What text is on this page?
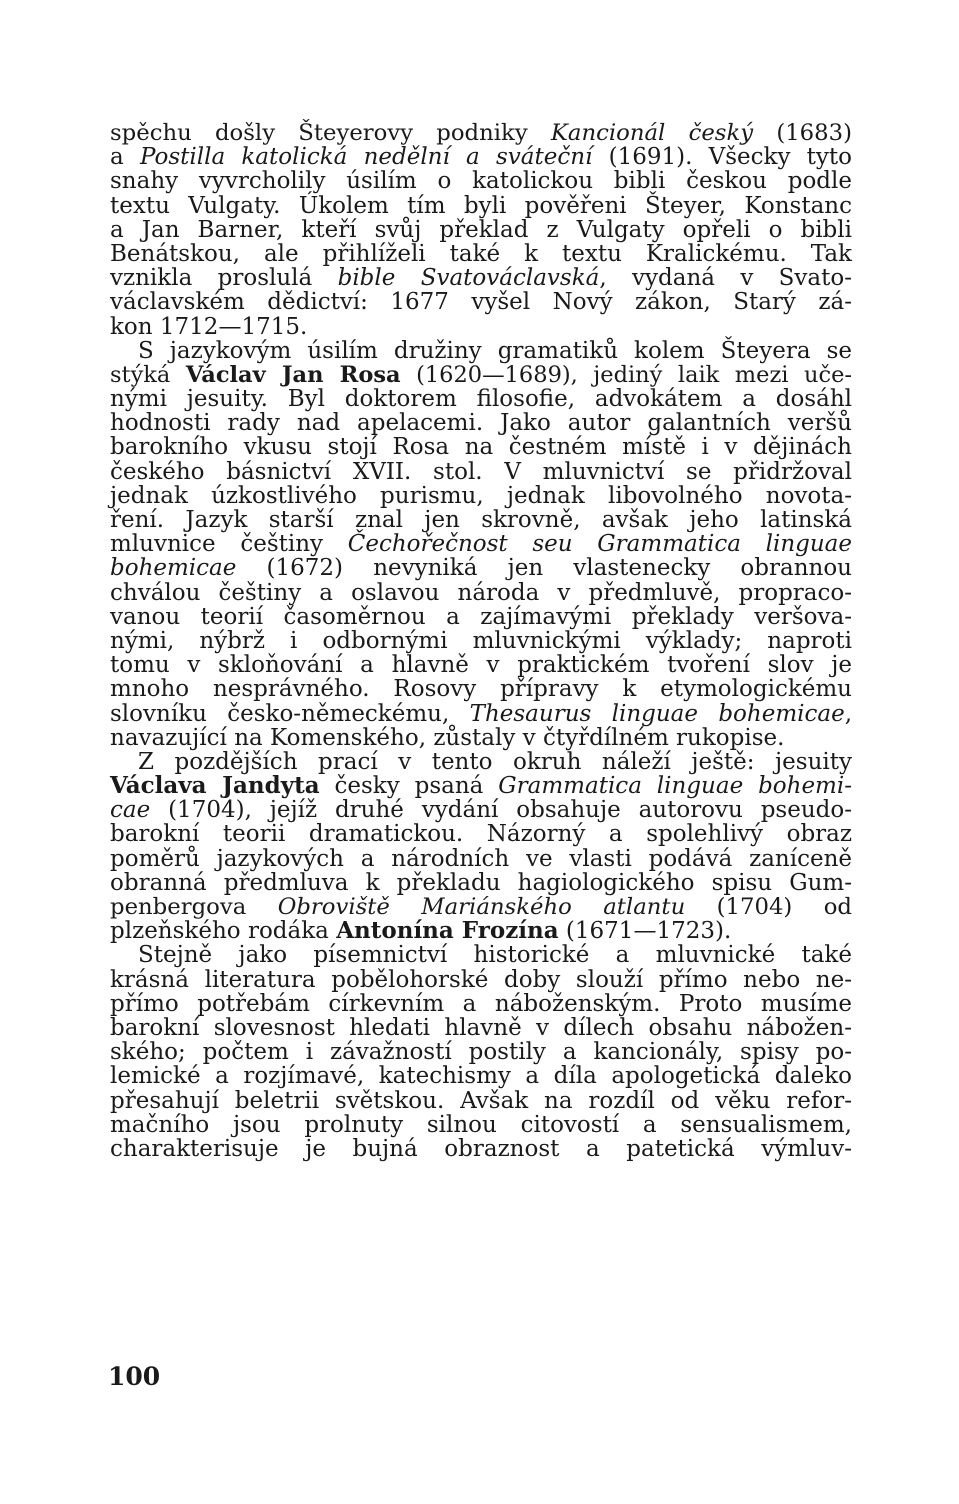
spěchu došly Šteyerovy podniky Kancionál český (1683)
a Postilla katolická nedělní a sváteční (1691). Všecky tyto
snahy vyvrcholily úsilím o katolickou bibli českou podle
textu Vulgaty. Úkolem tím byli pověřeni Šteyer, Konstanc
a Jan Barner, kteří svůj překlad z Vulgaty opřeli o bibli
Benátskou, ale přihlíželi také k textu Kralickému. Tak
vznikla proslulá bible Svatováclavská, vydaná v Svato-
václavském dědictví: 1677 vyšel Nový zákon, Starý zá-
kon 1712—1715.
S jazykovým úsilím družiny gramatiků kolem Šteyera se
stýká Václav Jan Rosa (1620—1689), jediný laik mezi uče-
nými jesuity. Byl doktorem filosofie, advokátem a dosáhl
hodnosti rady nad apelacemi. Jako autor galantních veršů
barokního vkusu stojí Rosa na čestném místě i v dějinách
českého básnictví XVII. stol. V mluvnictví se přidržoval
jednak úzkostlivého purismu, jednak libovolného novota-
ření. Jazyk starší znal jen skrovně, avšak jeho latinská
mluvnice češtiny Čechořečnost seu Grammatica linguae
bohemicae (1672) nevyniká jen vlastenecky obrannou
chválou češtiny a oslavou národa v předmluvě, propraco-
vanou teorií časoměrnou a zajímavými překlady veršova-
nými, nýbrž i odbornými mluvnickými výklady; naproti
tomu v skloňování a hlavně v praktickém tvoření slov je
mnoho nesprávného. Rosovy přípravy k etymologickému
slovníku česko-německému, Thesaurus linguae bohemicae,
navazující na Komenského, zůstaly v čtyřdílném rukopise.
Z pozdějších prací v tento okruh náleží ještě: jesuity
Václava Jandyta česky psaná Grammatica linguae bohemi-
cae (1704), jejíž druhé vydání obsahuje autorovu pseudo-
barokní teorii dramatickou. Názorný a spolehlivý obraz
poměrů jazykových a národních ve vlasti podává zaníceně
obranná předmluva k překladu hagiologického spisu Gum-
penbergova Obroviště Mariánského atlantu (1704) od
plzeňského rodáka Antonína Frozína (1671—1723).
Stejně jako písemnictví historické a mluvnické také
krásná literatura pobělohorské doby slouží přímo nebo ne-
přímo potřebám církevním a náboženským. Proto musíme
barokní slovesnost hledati hlavně v dílech obsahu nábožen-
ského; počtem i závažností postily a kancionály, spisy po-
lemické a rozjímavé, katechismy a díla apologetická daleko
přesahují beletrii světskou. Avšak na rozdíl od věku refor-
mačního jsou prolnuty silnou citovostí a sensualismem,
charakterisuje je bujná obraznost a patetická výmluv-
100
